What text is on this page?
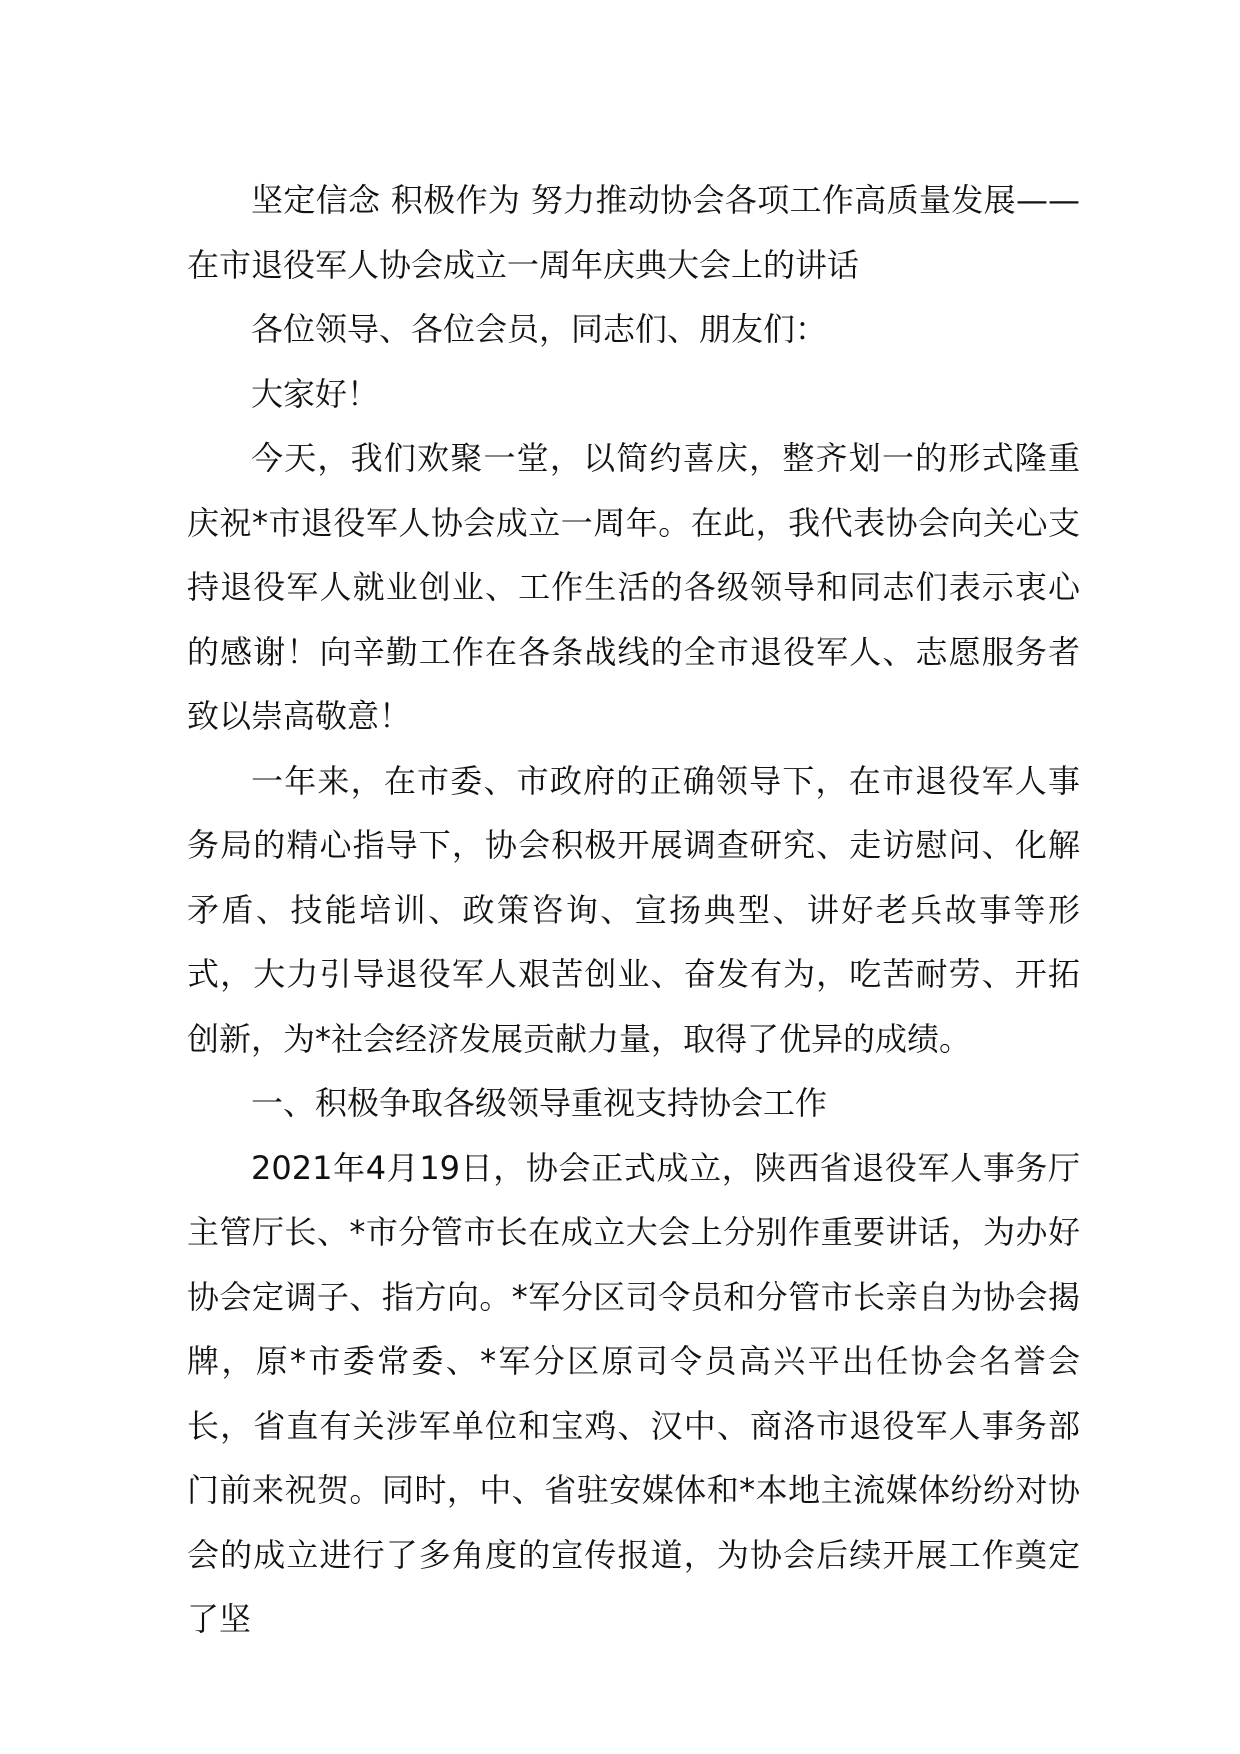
坚定信念 积极作为 努力推动协会各项工作高质量发展——在市退役军人协会成立一周年庆典大会上的讲话

各位领导、各位会员，同志们、朋友们：

大家好！

今天，我们欢聚一堂，以简约喜庆，整齐划一的形式隆重庆祝*市退役军人协会成立一周年。在此，我代表协会向关心支持退役军人就业创业、工作生活的各级领导和同志们表示衷心的感谢！向辛勤工作在各条战线的全市退役军人、志愿服务者致以崇高敬意！

一年来，在市委、市政府的正确领导下，在市退役军人事务局的精心指导下，协会积极开展调查研究、走访慰问、化解矛盾、技能培训、政策咨询、宣扬典型、讲好老兵故事等形式，大力引导退役军人艰苦创业、奋发有为，吃苦耐劳、开拓创新，为*社会经济发展贡献力量，取得了优异的成绩。

一、积极争取各级领导重视支持协会工作

2021年4月19日，协会正式成立，陕西省退役军人事务厅主管厅长、*市分管市长在成立大会上分别作重要讲话，为办好协会定调子、指方向。*军分区司令员和分管市长亲自为协会揭牌，原*市委常委、*军分区原司令员高兴平出任协会名誉会长，省直有关涉军单位和宝鸡、汉中、商洛市退役军人事务部门前来祝贺。同时，中、省驻安媒体和*本地主流媒体纷纷对协会的成立进行了多角度的宣传报道，为协会后续开展工作奠定了坚
